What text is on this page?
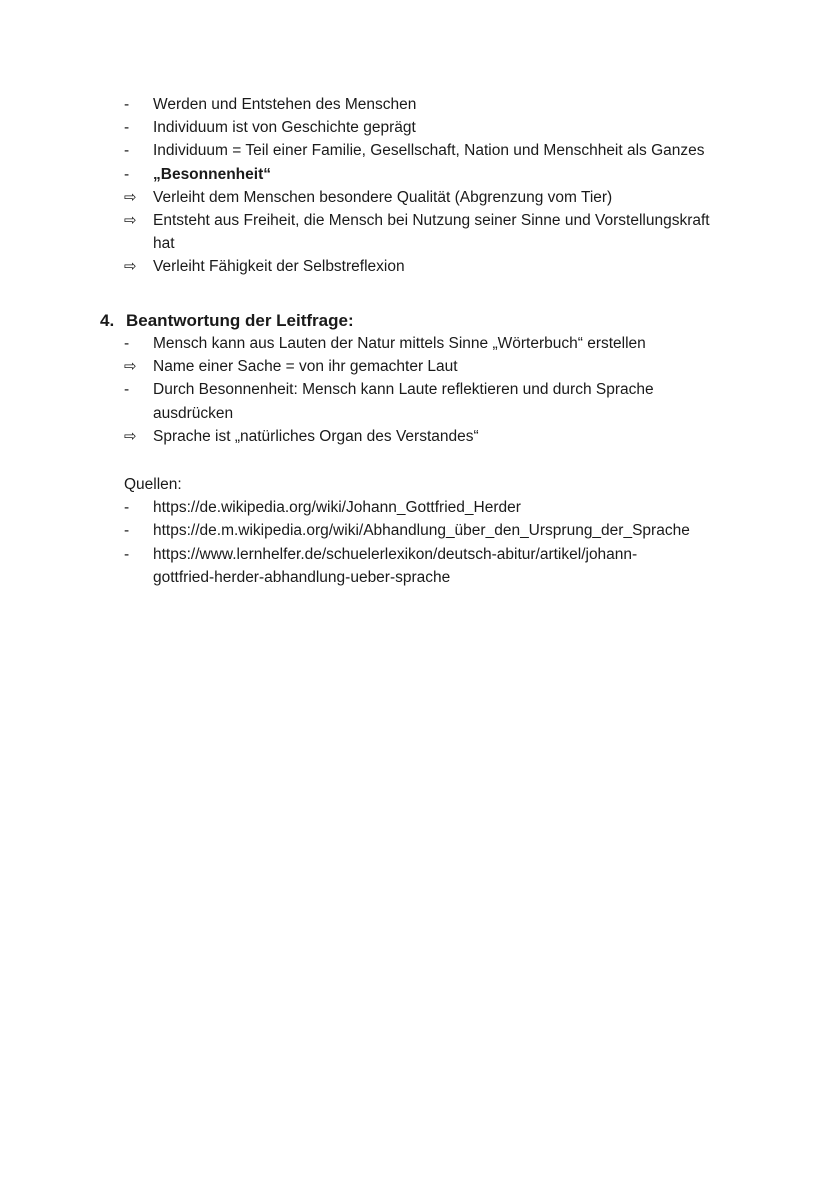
-	Werden und Entstehen des Menschen
-	Individuum ist von Geschichte geprägt
-	Individuum = Teil einer Familie, Gesellschaft, Nation und Menschheit als Ganzes
-	„Besonnenheit“
⇨	Verleiht dem Menschen besondere Qualität (Abgrenzung vom Tier)
⇨	Entsteht aus Freiheit, die Mensch bei Nutzung seiner Sinne und Vorstellungskraft
hat
⇨	Verleiht Fähigkeit der Selbstreflexion
4. Beantwortung der Leitfrage:
-	Mensch kann aus Lauten der Natur mittels Sinne „Wörterbuch“ erstellen
⇨	Name einer Sache = von ihr gemachter Laut
-	Durch Besonnenheit: Mensch kann Laute reflektieren und durch Sprache
ausdrücken
⇨	Sprache ist „natürliches Organ des Verstandes“
Quellen:
-	https://de.wikipedia.org/wiki/Johann_Gottfried_Herder
-	https://de.m.wikipedia.org/wiki/Abhandlung_über_den_Ursprung_der_Sprache
-	https://www.lernhelfer.de/schuelerlexikon/deutsch-abitur/artikel/johann-
gottfried-herder-abhandlung-ueber-sprache
